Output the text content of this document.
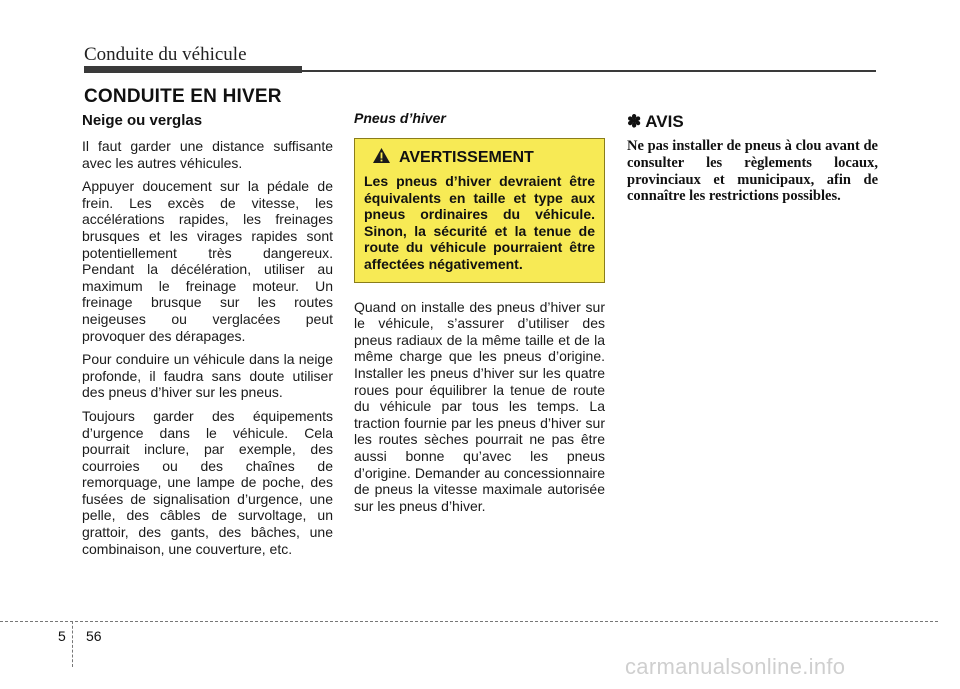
Conduite du véhicule
CONDUITE EN HIVER
Neige ou verglas

Il faut garder une distance suffisante avec les autres véhicules.

Appuyer doucement sur la pédale de frein. Les excès de vitesse, les accélérations rapides, les freinages brusques et les virages rapides sont potentiellement très dangereux. Pendant la décélération, utiliser au maximum le freinage moteur. Un freinage brusque sur les routes neigeuses ou verglacées peut provoquer des dérapages.

Pour conduire un véhicule dans la neige profonde, il faudra sans doute utiliser des pneus d’hiver sur les pneus.

Toujours garder des équipements d’urgence dans le véhicule. Cela pourrait inclure, par exemple, des courroies ou des chaînes de remorquage, une lampe de poche, des fusées de signalisation d’urgence, une pelle, des câbles de survoltage, un grattoir, des gants, des bâches, une combinaison, une couverture, etc.

Pneus d’hiver
AVERTISSEMENT
Les pneus d’hiver devraient être équivalents en taille et type aux pneus ordinaires du véhicule. Sinon, la sécurité et la tenue de route du véhicule pourraient être affectées négativement.

Quand on installe des pneus d’hiver sur le véhicule, s’assurer d’utiliser des pneus radiaux de la même taille et de la même charge que les pneus d’origine. Installer les pneus d’hiver sur les quatre roues pour équilibrer la tenue de route du véhicule par tous les temps. La traction fournie par les pneus d’hiver sur les routes sèches pourrait ne pas être aussi bonne qu’avec les pneus d’origine. Demander au concessionnaire de pneus la vitesse maximale autorisée sur les pneus d’hiver.

✽ AVIS

Ne pas installer de pneus à clou avant de consulter les règlements locaux, provinciaux et municipaux, afin de connaître les restrictions possibles.

5 56
carmanualsonline.info
